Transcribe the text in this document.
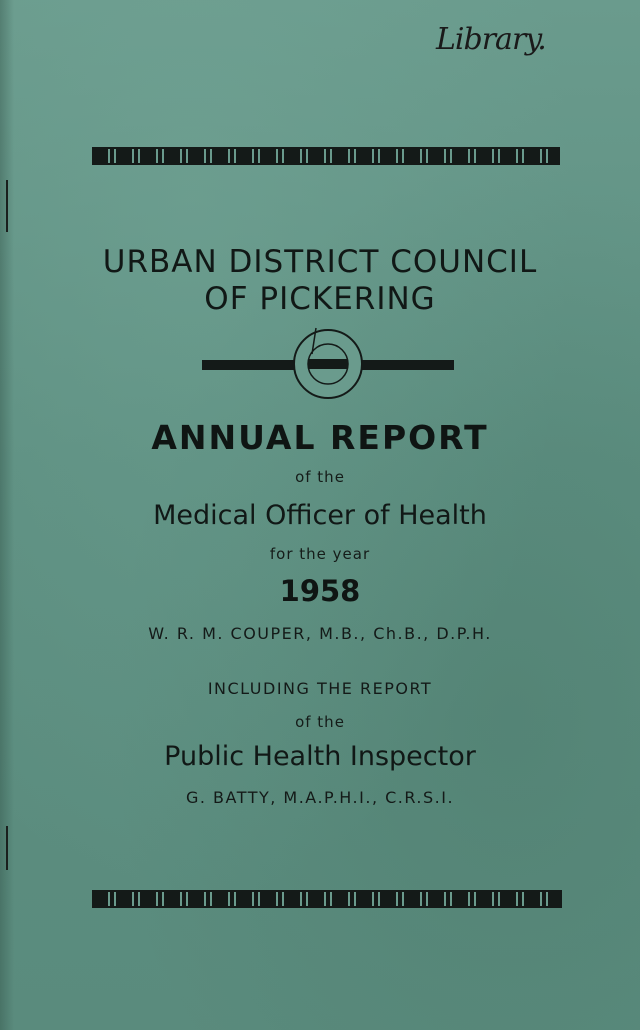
Library.
URBAN DISTRICT COUNCIL
OF PICKERING
ANNUAL REPORT
of the
Medical Officer of Health
for the year
1958
W. R. M. COUPER, M.B., Ch.B., D.P.H.
INCLUDING THE REPORT
of the
Public Health Inspector
G. BATTY, M.A.P.H.I., C.R.S.I.
